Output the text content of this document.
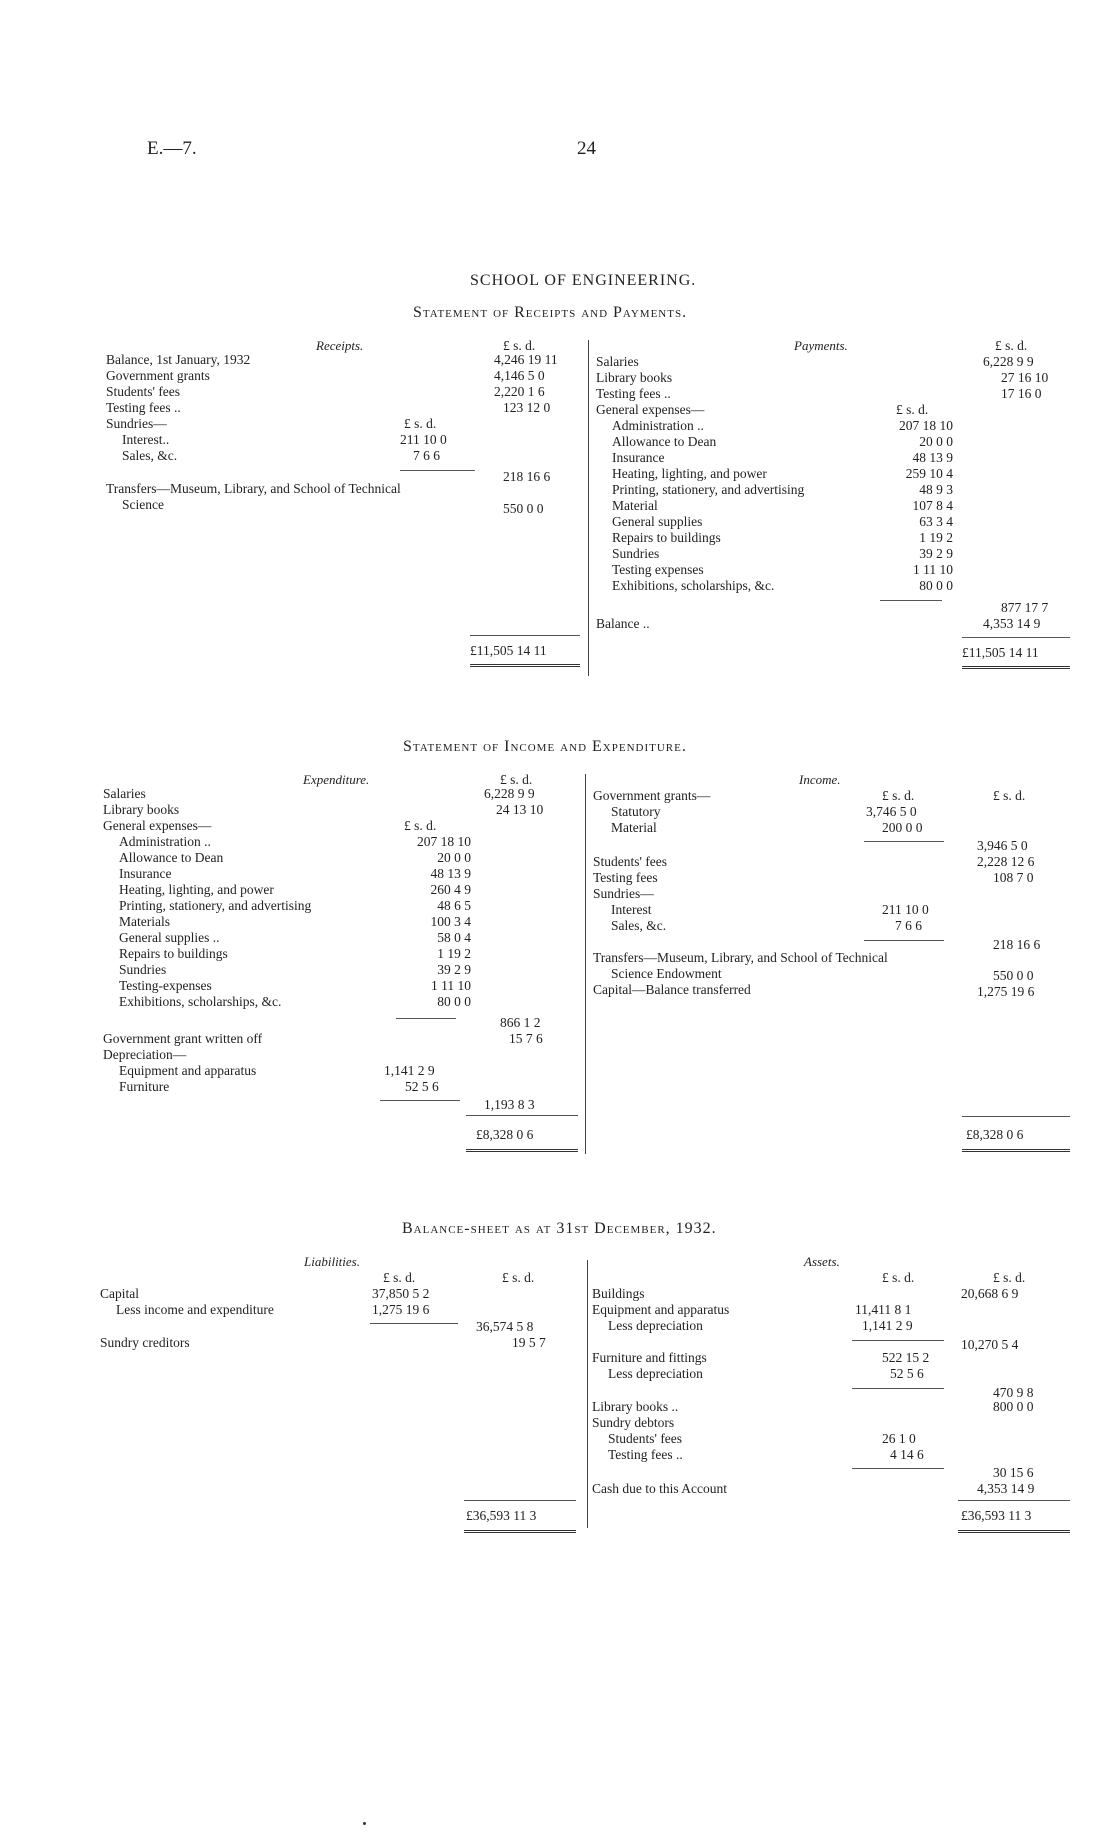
E.—7.	24
SCHOOL OF ENGINEERING.
Statement of Receipts and Payments.
Receipts.	£ s. d.	Payments.	£ s. d.
Balance, 1st January, 1932	4,246 19 11
Government grants	4,146 5 0
Students' fees	2,220 1 6
Testing fees ..	123 12 0
Sundries—	£ s. d.
Interest..	211 10 0
Sales, &c.	7 6 6
218 16 6
Transfers—Museum, Library, and School of Technical
Science	550 0 0
£11,505 14 11
Salaries	6,228 9 9
Library books	27 16 10
Testing fees ..	17 16 0
General expenses—	£ s. d.
Administration ..	207 18 10
Allowance to Dean	20 0 0
Insurance	48 13 9
Heating, lighting, and power	259 10 4
Printing, stationery, and advertising	48 9 3
Material	107 8 4
General supplies	63 3 4
Repairs to buildings	1 19 2
Sundries	39 2 9
Testing expenses	1 11 10
Exhibitions, scholarships, &c.	80 0 0
877 17 7
Balance ..	4,353 14 9
£11,505 14 11
Statement of Income and Expenditure.
Expenditure.	£ s. d.	Income.
Salaries	6,228 9 9
Library books	24 13 10
General expenses—	£ s. d.
Administration ..	207 18 10
Allowance to Dean	20 0 0
Insurance	48 13 9
Heating, lighting, and power	260 4 9
Printing, stationery, and advertising	48 6 5
Materials	100 3 4
General supplies ..	58 0 4
Repairs to buildings	1 19 2
Sundries	39 2 9
Testing-expenses	1 11 10
Exhibitions, scholarships, &c.	80 0 0
866 1 2
Government grant written off	15 7 6
Depreciation—
Equipment and apparatus	1,141 2 9
Furniture	52 5 6
1,193 8 3
£8,328 0 6
Government grants—	£ s. d.	£ s. d.
Statutory	3,746 5 0
Material	200 0 0
3,946 5 0
Students' fees	2,228 12 6
Testing fees	108 7 0
Sundries—
Interest	211 10 0
Sales, &c.	7 6 6
218 16 6
Transfers—Museum, Library, and School of Technical
Science Endowment	550 0 0
Capital—Balance transferred	1,275 19 6
£8,328 0 6
Balance-sheet as at 31st December, 1932.
Liabilities.	Assets.
£ s. d.	£ s. d.	£ s. d.	£ s. d.
Capital	37,850 5 2
Less income and expenditure	1,275 19 6
36,574 5 8
Sundry creditors	19 5 7
£36,593 11 3
Buildings	20,668 6 9
Equipment and apparatus	11,411 8 1
Less depreciation	1,141 2 9
10,270 5 4
Furniture and fittings	522 15 2
Less depreciation	52 5 6
470 9 8
Library books ..	800 0 0
Sundry debtors
Students' fees	26 1 0
Testing fees ..	4 14 6
30 15 6
Cash due to this Account	4,353 14 9
£36,593 11 3
